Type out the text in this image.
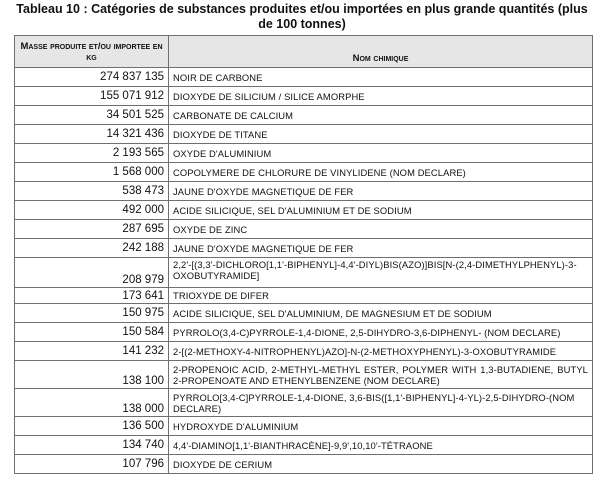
Tableau 10 : Catégories de substances produites et/ou importées en plus grande quantités (plus de 100 tonnes)
Masse produite et/ou importee en kg	Nom chimique
274 837 135	NOIR DE CARBONE
155 071 912	DIOXYDE DE SILICIUM / SILICE AMORPHE
34 501 525	CARBONATE DE CALCIUM
14 321 436	DIOXYDE DE TITANE
2 193 565	OXYDE D'ALUMINIUM
1 568 000	COPOLYMERE DE CHLORURE DE VINYLIDENE (NOM DECLARE)
538 473	JAUNE D'OXYDE MAGNETIQUE DE FER
492 000	ACIDE SILICIQUE, SEL D'ALUMINIUM ET DE SODIUM
287 695	OXYDE DE ZINC
242 188	JAUNE D'OXYDE MAGNETIQUE DE FER
208 979	2,2'-[(3,3'-DICHLORO[1,1'-BIPHENYL]-4,4'-DIYL)BIS(AZO)]BIS[N-(2,4-DIMETHYLPHENYL)-3-OXOBUTYRAMIDE]
173 641	TRIOXYDE DE DIFER
150 975	ACIDE SILICIQUE, SEL D'ALUMINIUM, DE MAGNESIUM ET DE SODIUM
150 584	PYRROLO(3,4-C)PYRROLE-1,4-DIONE, 2,5-DIHYDRO-3,6-DIPHENYL- (NOM DECLARE)
141 232	2-[(2-METHOXY-4-NITROPHENYL)AZO]-N-(2-METHOXYPHENYL)-3-OXOBUTYRAMIDE
138 100	2-PROPENOIC ACID, 2-METHYL-METHYL ESTER, POLYMER WITH 1,3-BUTADIENE, BUTYL 2-PROPENOATE AND ETHENYLBENZENE (NOM DECLARE)
138 000	PYRROLO[3,4-C]PYRROLE-1,4-DIONE, 3,6-BIS([1,1'-BIPHENYL]-4-YL)-2,5-DIHYDRO-(NOM DECLARE)
136 500	HYDROXYDE D'ALUMINIUM
134 740	4,4'-DIAMINO[1,1'-BIANTHRACÈNE]-9,9',10,10'-TÉTRAONE
107 796	DIOXYDE DE CERIUM
